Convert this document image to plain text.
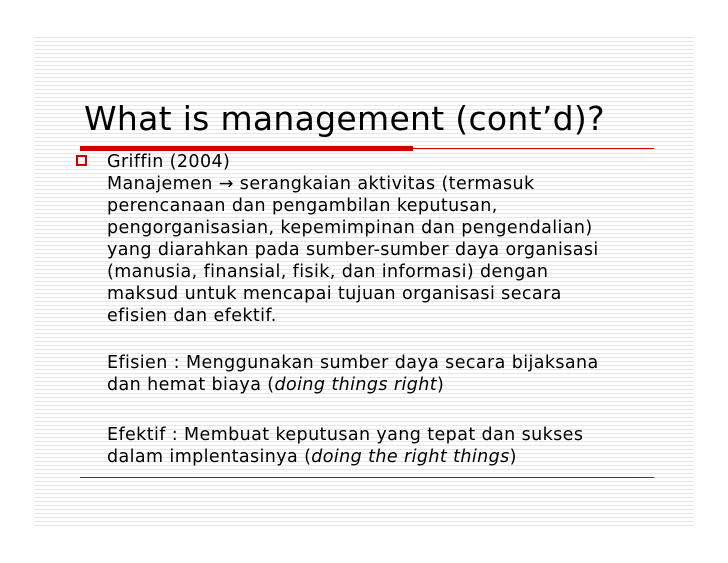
What is management (cont’d)?
Griffin (2004)
Manajemen → serangkaian aktivitas (termasuk
perencanaan dan pengambilan keputusan,
pengorganisasian, kepemimpinan dan pengendalian)
yang diarahkan pada sumber-sumber daya organisasi
(manusia, finansial, fisik, dan informasi) dengan
maksud untuk mencapai tujuan organisasi secara
efisien dan efektif.
Efisien : Menggunakan sumber daya secara bijaksana
dan hemat biaya (doing things right)
Efektif : Membuat keputusan yang tepat dan sukses
dalam implentasinya (doing the right things)
